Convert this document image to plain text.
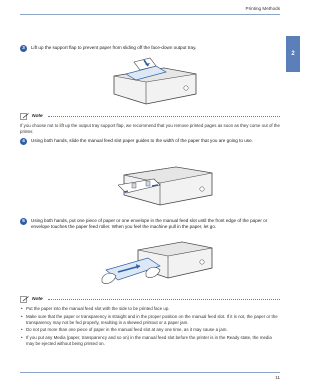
Printing Methods
2
3	Lift up the support flap to prevent paper from sliding off the face-down output tray.
Note
If you choose not to lift up the output tray support flap, we recommend that you remove printed pages as soon as they come out of the printer.
4	Using both hands, slide the manual feed slot paper guides to the width of the paper that you are going to use.
5	Using both hands, put one piece of paper or one envelope in the manual feed slot until the front edge of the paper or envelope touches the paper feed roller. When you feel the machine pull in the paper, let go.
Note
• Put the paper into the manual feed slot with the side to be printed face up.
• Make sure that the paper or transparency is straight and in the proper position on the manual feed slot. If it is not, the paper or the transparency may not be fed properly, resulting in a skewed printout or a paper jam.
• Do not put more than one piece of paper in the manual feed slot at any one time, as it may cause a jam.
• If you put any Media (paper, transparency and so on) in the manual feed slot before the printer is in the Ready state, the media may be ejected without being printed on.
11
